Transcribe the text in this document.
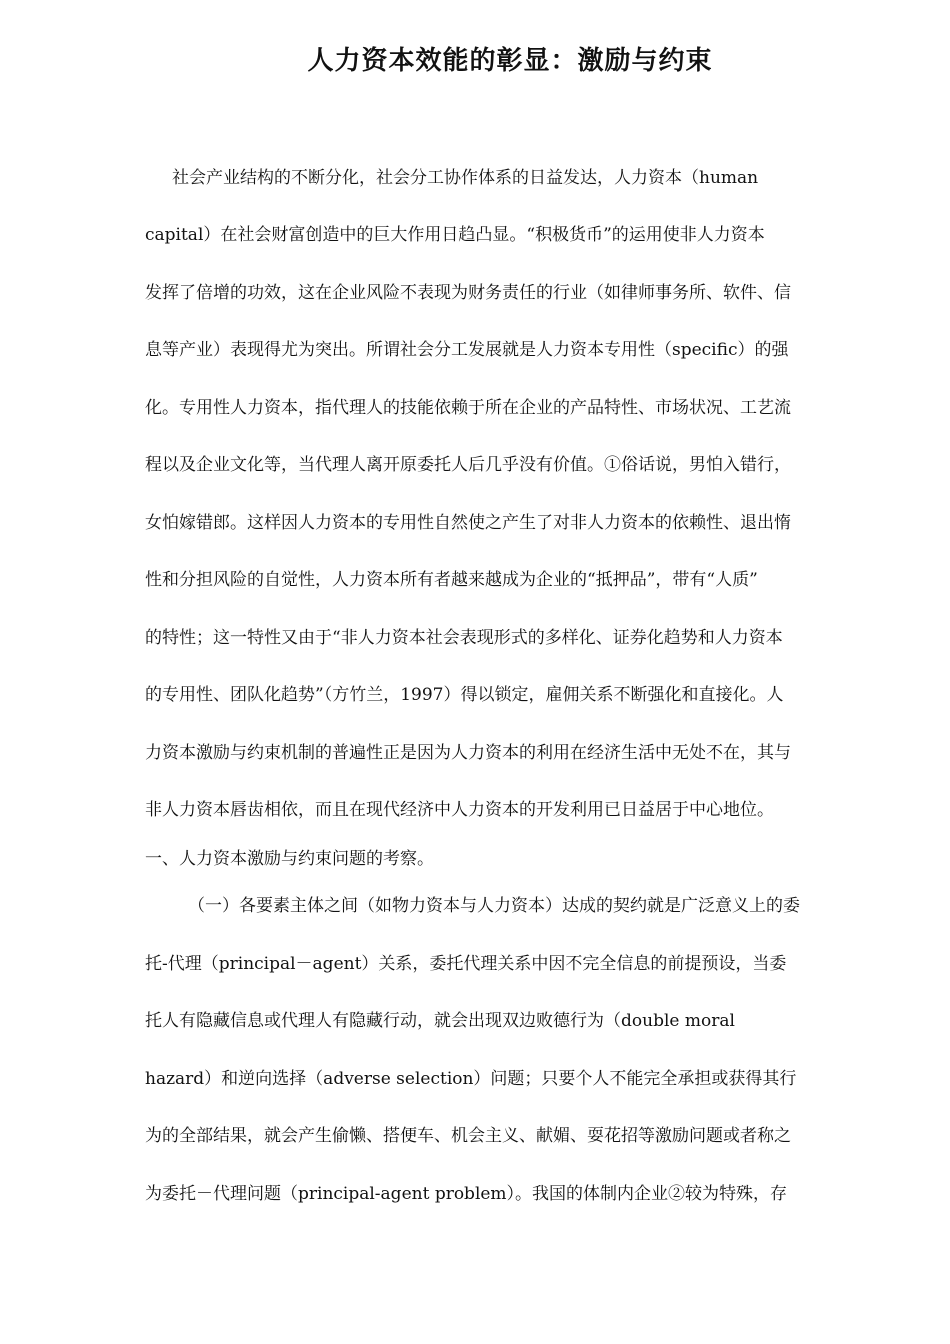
人力资本效能的彰显：激励与约束
社会产业结构的不断分化，社会分工协作体系的日益发达，人力资本（human
capital）在社会财富创造中的巨大作用日趋凸显。“积极货币”的运用使非人力资本
发挥了倍增的功效，这在企业风险不表现为财务责任的行业（如律师事务所、软件、信
息等产业）表现得尤为突出。所谓社会分工发展就是人力资本专用性（specific）的强
化。专用性人力资本，指代理人的技能依赖于所在企业的产品特性、市场状况、工艺流
程以及企业文化等，当代理人离开原委托人后几乎没有价值。①俗话说，男怕入错行，
女怕嫁错郎。这样因人力资本的专用性自然使之产生了对非人力资本的依赖性、退出惰
性和分担风险的自觉性，人力资本所有者越来越成为企业的“抵押品”，带有“人质”
的特性；这一特性又由于“非人力资本社会表现形式的多样化、证券化趋势和人力资本
的专用性、团队化趋势”（方竹兰，1997）得以锁定，雇佣关系不断强化和直接化。人
力资本激励与约束机制的普遍性正是因为人力资本的利用在经济生活中无处不在，其与
非人力资本唇齿相依，而且在现代经济中人力资本的开发利用已日益居于中心地位。
一、人力资本激励与约束问题的考察。
（一）各要素主体之间（如物力资本与人力资本）达成的契约就是广泛意义上的委
托-代理（principal－agent）关系，委托代理关系中因不完全信息的前提预设，当委
托人有隐藏信息或代理人有隐藏行动，就会出现双边败德行为（double moral
hazard）和逆向选择（adverse selection）问题；只要个人不能完全承担或获得其行
为的全部结果，就会产生偷懒、搭便车、机会主义、献媚、耍花招等激励问题或者称之
为委托－代理问题（principal-agent problem）。我国的体制内企业②较为特殊，存
